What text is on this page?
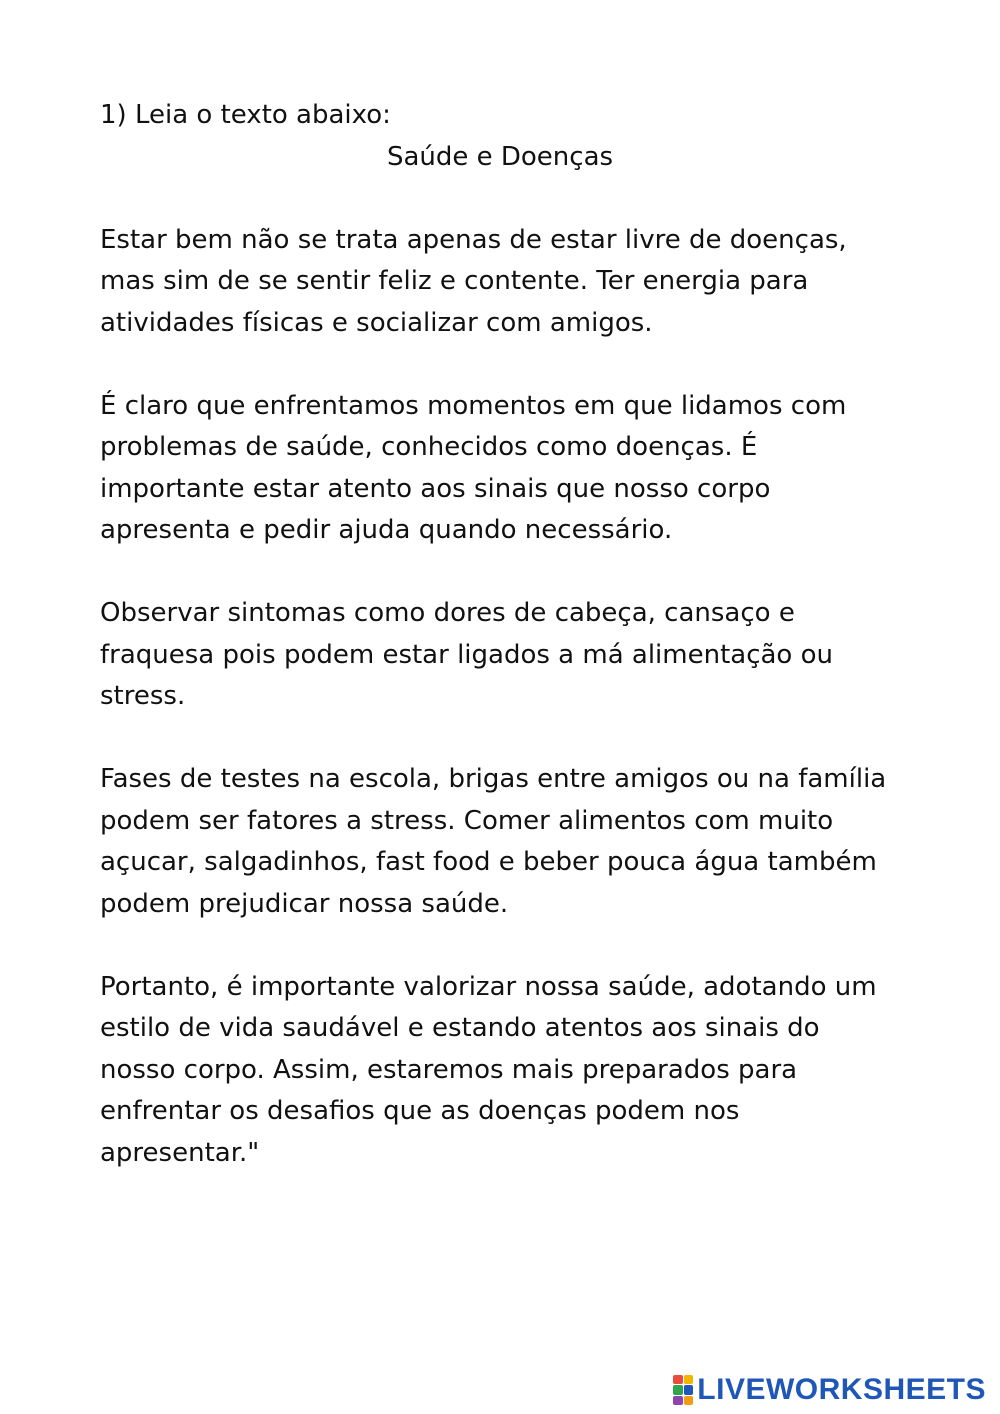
1) Leia o texto abaixo:

Saúde e Doenças

Estar bem não se trata apenas de estar livre de doenças,
mas sim de se sentir feliz e contente. Ter energia para
atividades físicas e socializar com amigos.
É claro que enfrentamos momentos em que lidamos com
problemas de saúde, conhecidos como doenças. É
importante estar atento aos sinais que nosso corpo
apresenta e pedir ajuda quando necessário.
Observar sintomas como dores de cabeça, cansaço e
fraquesa pois podem estar ligados a má alimentação ou
stress.
Fases de testes na escola, brigas entre amigos ou na família
podem ser fatores a stress. Comer alimentos com muito
açucar, salgadinhos, fast food e beber pouca água também
podem prejudicar nossa saúde.
Portanto, é importante valorizar nossa saúde, adotando um
estilo de vida saudável e estando atentos aos sinais do
nosso corpo. Assim, estaremos mais preparados para
enfrentar os desafios que as doenças podem nos
apresentar."
LIVEWORKSHEETS
